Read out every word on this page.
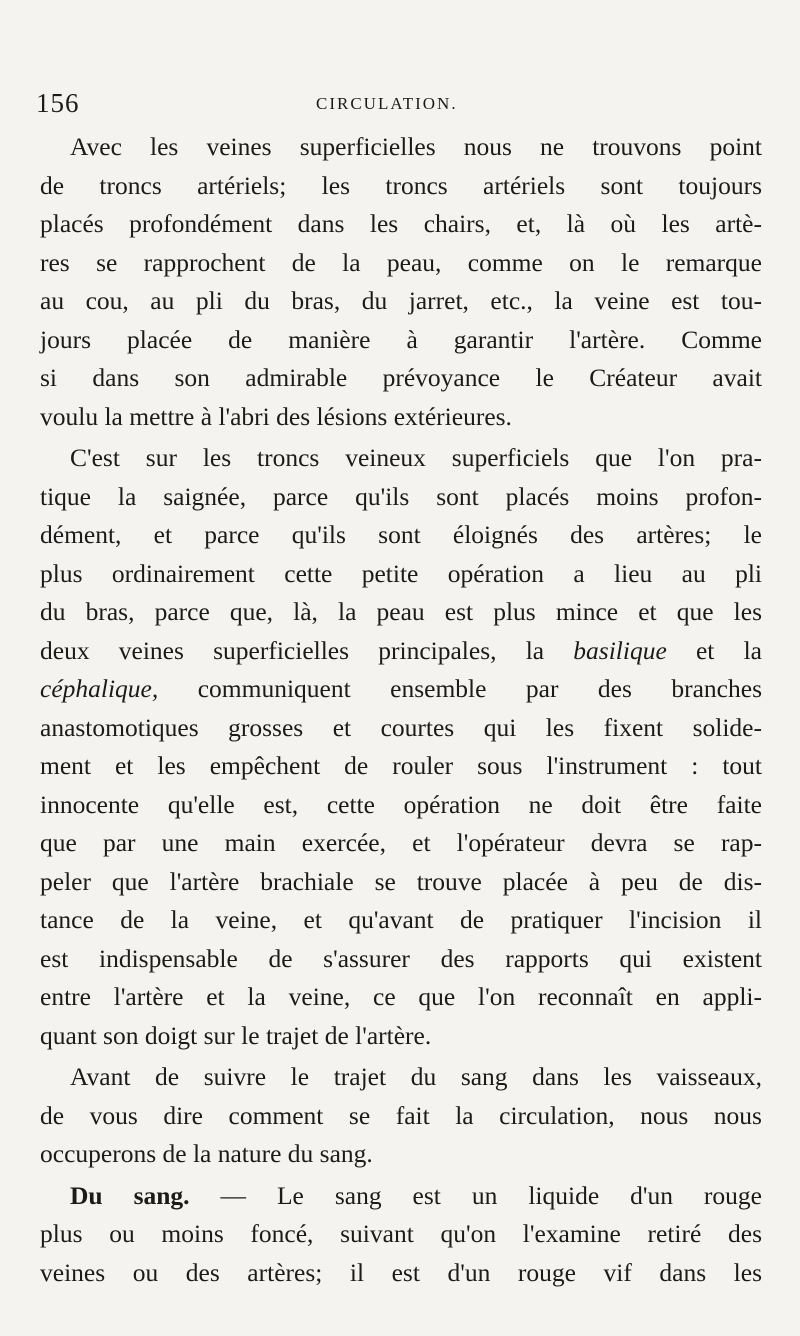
156	CIRCULATION.
Avec les veines superficielles nous ne trouvons point
de troncs artériels; les troncs artériels sont toujours
placés profondément dans les chairs, et, là où les artè-
res se rapprochent de la peau, comme on le remarque
au cou, au pli du bras, du jarret, etc., la veine est tou-
jours placée de manière à garantir l'artère. Comme
si dans son admirable prévoyance le Créateur avait
voulu la mettre à l'abri des lésions extérieures.
C'est sur les troncs veineux superficiels que l'on pra-
tique la saignée, parce qu'ils sont placés moins profon-
dément, et parce qu'ils sont éloignés des artères; le
plus ordinairement cette petite opération a lieu au pli
du bras, parce que, là, la peau est plus mince et que les
deux veines superficielles principales, la basilique et la
céphalique, communiquent ensemble par des branches
anastomotiques grosses et courtes qui les fixent solide-
ment et les empêchent de rouler sous l'instrument : tout
innocente qu'elle est, cette opération ne doit être faite
que par une main exercée, et l'opérateur devra se rap-
peler que l'artère brachiale se trouve placée à peu de dis-
tance de la veine, et qu'avant de pratiquer l'incision il
est indispensable de s'assurer des rapports qui existent
entre l'artère et la veine, ce que l'on reconnaît en appli-
quant son doigt sur le trajet de l'artère.
Avant de suivre le trajet du sang dans les vaisseaux,
de vous dire comment se fait la circulation, nous nous
occuperons de la nature du sang.
Du sang. — Le sang est un liquide d'un rouge
plus ou moins foncé, suivant qu'on l'examine retiré des
veines ou des artères; il est d'un rouge vif dans les
